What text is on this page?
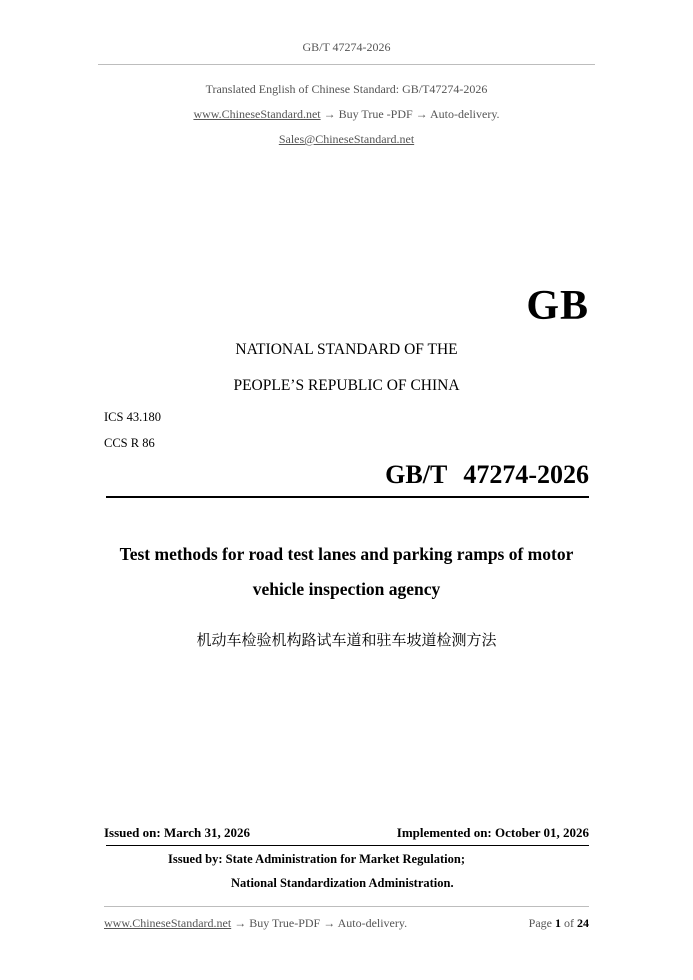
GB/T 47274-2026
Translated English of Chinese Standard: GB/T47274-2026
www.ChineseStandard.net → Buy True -PDF → Auto-delivery.
Sales@ChineseStandard.net
GB
NATIONAL STANDARD OF THE
PEOPLE’S REPUBLIC OF CHINA
ICS 43.180
CCS R 86
GB/T 47274-2026
Test methods for road test lanes and parking ramps of motor
vehicle inspection agency
机动车检验机构路试车道和驻车坡道检测方法
Issued on: March 31, 2026	Implemented on: October 01, 2026
Issued by: State Administration for Market Regulation;
National Standardization Administration.
www.ChineseStandard.net → Buy True-PDF → Auto-delivery.	Page 1 of 24
